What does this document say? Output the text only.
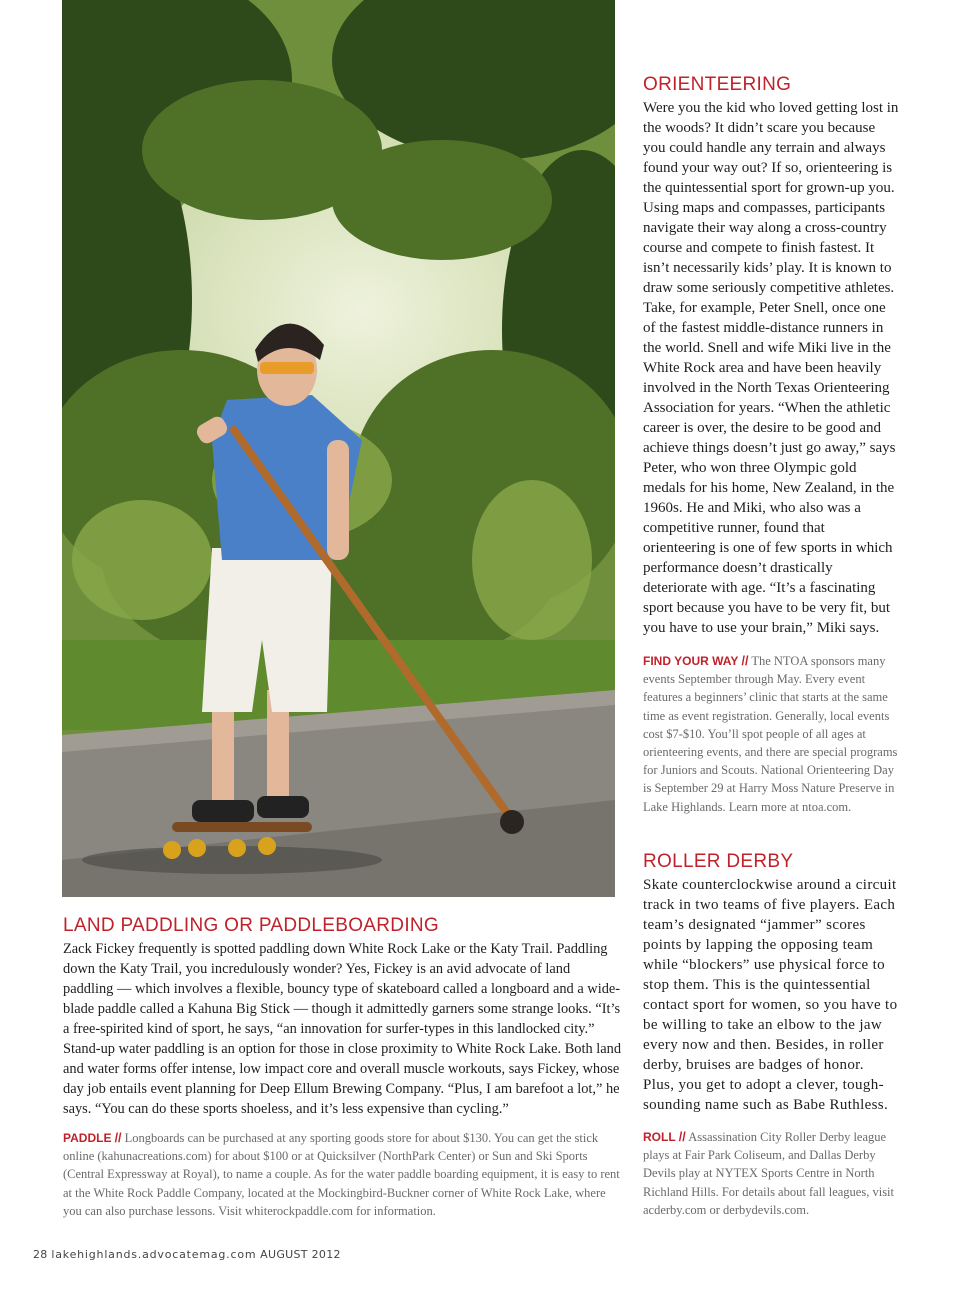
ORIENTEERING

Were you the kid who loved getting lost in the woods? It didn’t scare you because you could handle any terrain and always found your way out? If so, orienteering is the quintessential sport for grown-up you. Using maps and compasses, participants navigate their way along a cross-country course and compete to finish fastest. It isn’t necessarily kids’ play. It is known to draw some seriously competitive athletes. Take, for example, Peter Snell, once one of the fastest middle-distance runners in the world. Snell and wife Miki live in the White Rock area and have been heavily involved in the North Texas Orienteering Association for years. “When the athletic career is over, the desire to be good and achieve things doesn’t just go away,” says Peter, who won three Olympic gold medals for his home, New Zealand, in the 1960s. He and Miki, who also was a competitive runner, found that orienteering is one of few sports in which performance doesn’t drastically deteriorate with age. “It’s a fascinating sport because you have to be very fit, but you have to use your brain,” Miki says.

FIND YOUR WAY // The NTOA sponsors many events September through May. Every event features a beginners’ clinic that starts at the same time as event registration. Generally, local events cost $7-$10. You’ll spot people of all ages at orienteering events, and there are special programs for Juniors and Scouts. National Orienteering Day is September 29 at Harry Moss Nature Preserve in Lake Highlands. Learn more at ntoa.com.

ROLLER DERBY

Skate counterclockwise around a circuit track in two teams of five players. Each team’s designated “jammer” scores points by lapping the opposing team while “blockers” use physical force to stop them. This is the quintessential contact sport for women, so you have to be willing to take an elbow to the jaw every now and then. Besides, in roller derby, bruises are badges of honor. Plus, you get to adopt a clever, tough-sounding name such as Babe Ruthless.

ROLL // Assassination City Roller Derby league plays at Fair Park Coliseum, and Dallas Derby Devils play at NYTEX Sports Centre in North Richland Hills. For details about fall leagues, visit acderby.com or derbydevils.com.

LAND PADDLING OR PADDLEBOARDING

Zack Fickey frequently is spotted paddling down White Rock Lake or the Katy Trail. Paddling down the Katy Trail, you incredulously wonder? Yes, Fickey is an avid advocate of land paddling — which involves a flexible, bouncy type of skateboard called a longboard and a wide-blade paddle called a Kahuna Big Stick — though it admittedly garners some strange looks. “It’s a free-spirited kind of sport, he says, “an innovation for surfer-types in this landlocked city.” Stand-up water paddling is an option for those in close proximity to White Rock Lake. Both land and water forms offer intense, low impact core and overall muscle workouts, says Fickey, whose day job entails event planning for Deep Ellum Brewing Company. “Plus, I am barefoot a lot,” he says. “You can do these sports shoeless, and it’s less expensive than cycling.”

PADDLE // Longboards can be purchased at any sporting goods store for about $130. You can get the stick online (kahunacreations.com) for about $100 or at Quicksilver (NorthPark Center) or Sun and Ski Sports (Central Expressway at Royal), to name a couple. As for the water paddle boarding equipment, it is easy to rent at the White Rock Paddle Company, located at the Mockingbird-Buckner corner of White Rock Lake, where you can also purchase lessons. Visit whiterockpaddle.com for information.

28 lakehighlands.advocatemag.com AUGUST 2012
